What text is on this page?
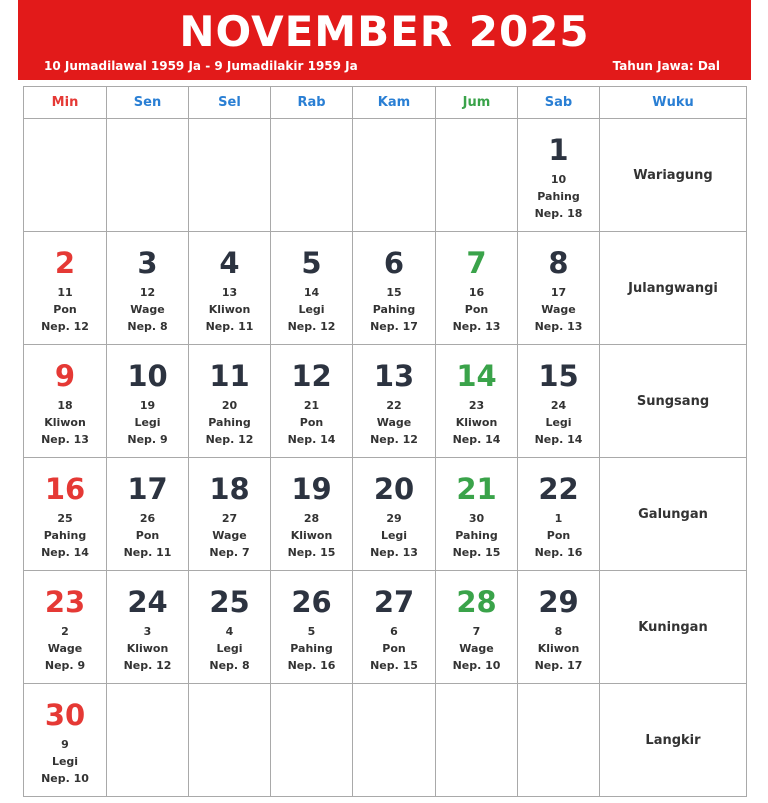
NOVEMBER 2025
10 Jumadilawal 1959 Ja - 9 Jumadilakir 1959 Ja	Tahun Jawa: Dal
Min	Sen	Sel	Rab	Kam	Jum	Sab	Wuku

						1
10
Pahing
Nep. 18	Wariagung

2
11
Pon
Nep. 12	3
12
Wage
Nep. 8	4
13
Kliwon
Nep. 11	5
14
Legi
Nep. 12	6
15
Pahing
Nep. 17	7
16
Pon
Nep. 13	8
17
Wage
Nep. 13	Julangwangi

9
18
Kliwon
Nep. 13	10
19
Legi
Nep. 9	11
20
Pahing
Nep. 12	12
21
Pon
Nep. 14	13
22
Wage
Nep. 12	14
23
Kliwon
Nep. 14	15
24
Legi
Nep. 14	Sungsang

16
25
Pahing
Nep. 14	17
26
Pon
Nep. 11	18
27
Wage
Nep. 7	19
28
Kliwon
Nep. 15	20
29
Legi
Nep. 13	21
30
Pahing
Nep. 15	22
1
Pon
Nep. 16	Galungan

23
2
Wage
Nep. 9	24
3
Kliwon
Nep. 12	25
4
Legi
Nep. 8	26
5
Pahing
Nep. 16	27
6
Pon
Nep. 15	28
7
Wage
Nep. 10	29
8
Kliwon
Nep. 17	Kuningan

30
9
Legi
Nep. 10							Langkir
